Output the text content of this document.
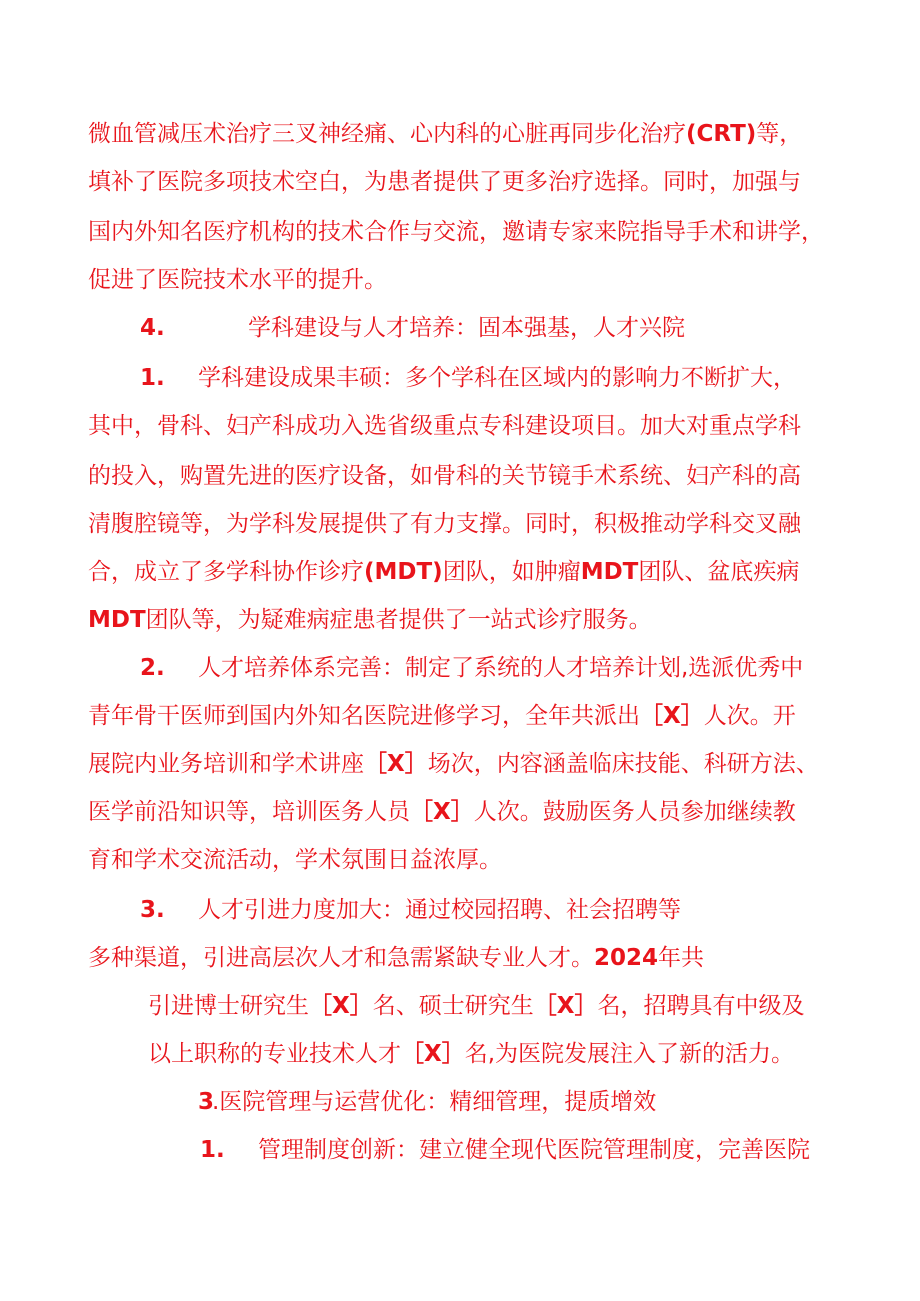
微血管减压术治疗三叉神经痛、心内科的心脏再同步化治疗(CRT)等，
填补了医院多项技术空白，为患者提供了更多治疗选择。同时，加强与
国内外知名医疗机构的技术合作与交流，邀请专家来院指导手术和讲学，
促进了医院技术水平的提升。
4.	学科建设与人才培养：固本强基，人才兴院
1. 学科建设成果丰硕：多个学科在区域内的影响力不断扩大，
其中，骨科、妇产科成功入选省级重点专科建设项目。加大对重点学科
的投入，购置先进的医疗设备，如骨科的关节镜手术系统、妇产科的高
清腹腔镜等，为学科发展提供了有力支撑。同时，积极推动学科交叉融
合，成立了多学科协作诊疗(MDT)团队，如肿瘤MDT团队、盆底疾病
MDT团队等，为疑难病症患者提供了一站式诊疗服务。
2. 人才培养体系完善：制定了系统的人才培养计划,选派优秀中
青年骨干医师到国内外知名医院进修学习，全年共派出［X］人次。开
展院内业务培训和学术讲座［X］场次，内容涵盖临床技能、科研方法、
医学前沿知识等，培训医务人员［X］人次。鼓励医务人员参加继续教
育和学术交流活动，学术氛围日益浓厚。
3. 人才引进力度加大：通过校园招聘、社会招聘等
多种渠道，引进高层次人才和急需紧缺专业人才。2024年共
引进博士研究生［X］名、硕士研究生［X］名，招聘具有中级及
以上职称的专业技术人才［X］名,为医院发展注入了新的活力。
3
.医院管理与运营优化：精细管理，提质增效
1. 管理制度创新：建立健全现代医院管理制度，完善医院
